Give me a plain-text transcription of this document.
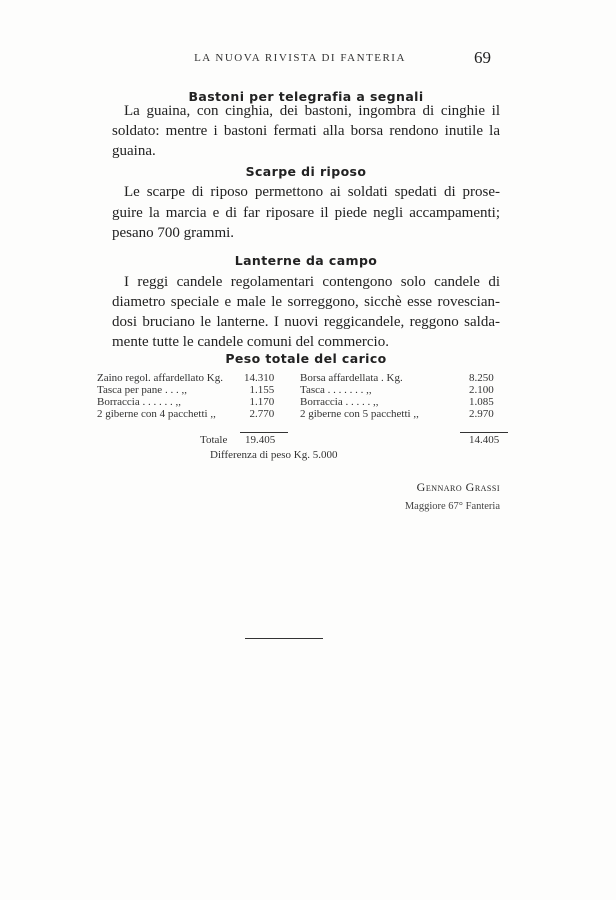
LA NUOVA RIVISTA DI FANTERIA	69
Bastoni per telegrafia a segnali
La guaina, con cinghia, dei bastoni, ingombra di cinghie il
soldato: mentre i bastoni fermati alla borsa rendono inutile la
guaina.
Scarpe di riposo
Le scarpe di riposo permettono ai soldati spedati di prose-
guire la marcia e di far riposare il piede negli accampamenti;
pesano 700 grammi.
Lanterne da campo
I reggi candele regolamentari contengono solo candele di
diametro speciale e male le sorreggono, sicchè esse rovescian-
dosi bruciano le lanterne. I nuovi reggicandele, reggono salda-
mente tutte le candele comuni del commercio.
Peso totale del carico
Zaino regol. affardellato Kg.
Tasca per pane . . . ,,
Borraccia . . . . . . ,,
2 giberne con 4 pacchetti ,,
14.310
1.155
1.170
2.770
Borsa affardellata . Kg.
Tasca . . . . . . . ,,
Borraccia . . . . . ,,
2 giberne con 5 pacchetti ,,
8.250
2.100
1.085
2.970
Totale 19.405	14.405
Differenza di peso Kg. 5.000
Gennaro Grassi
Maggiore 67° Fanteria
